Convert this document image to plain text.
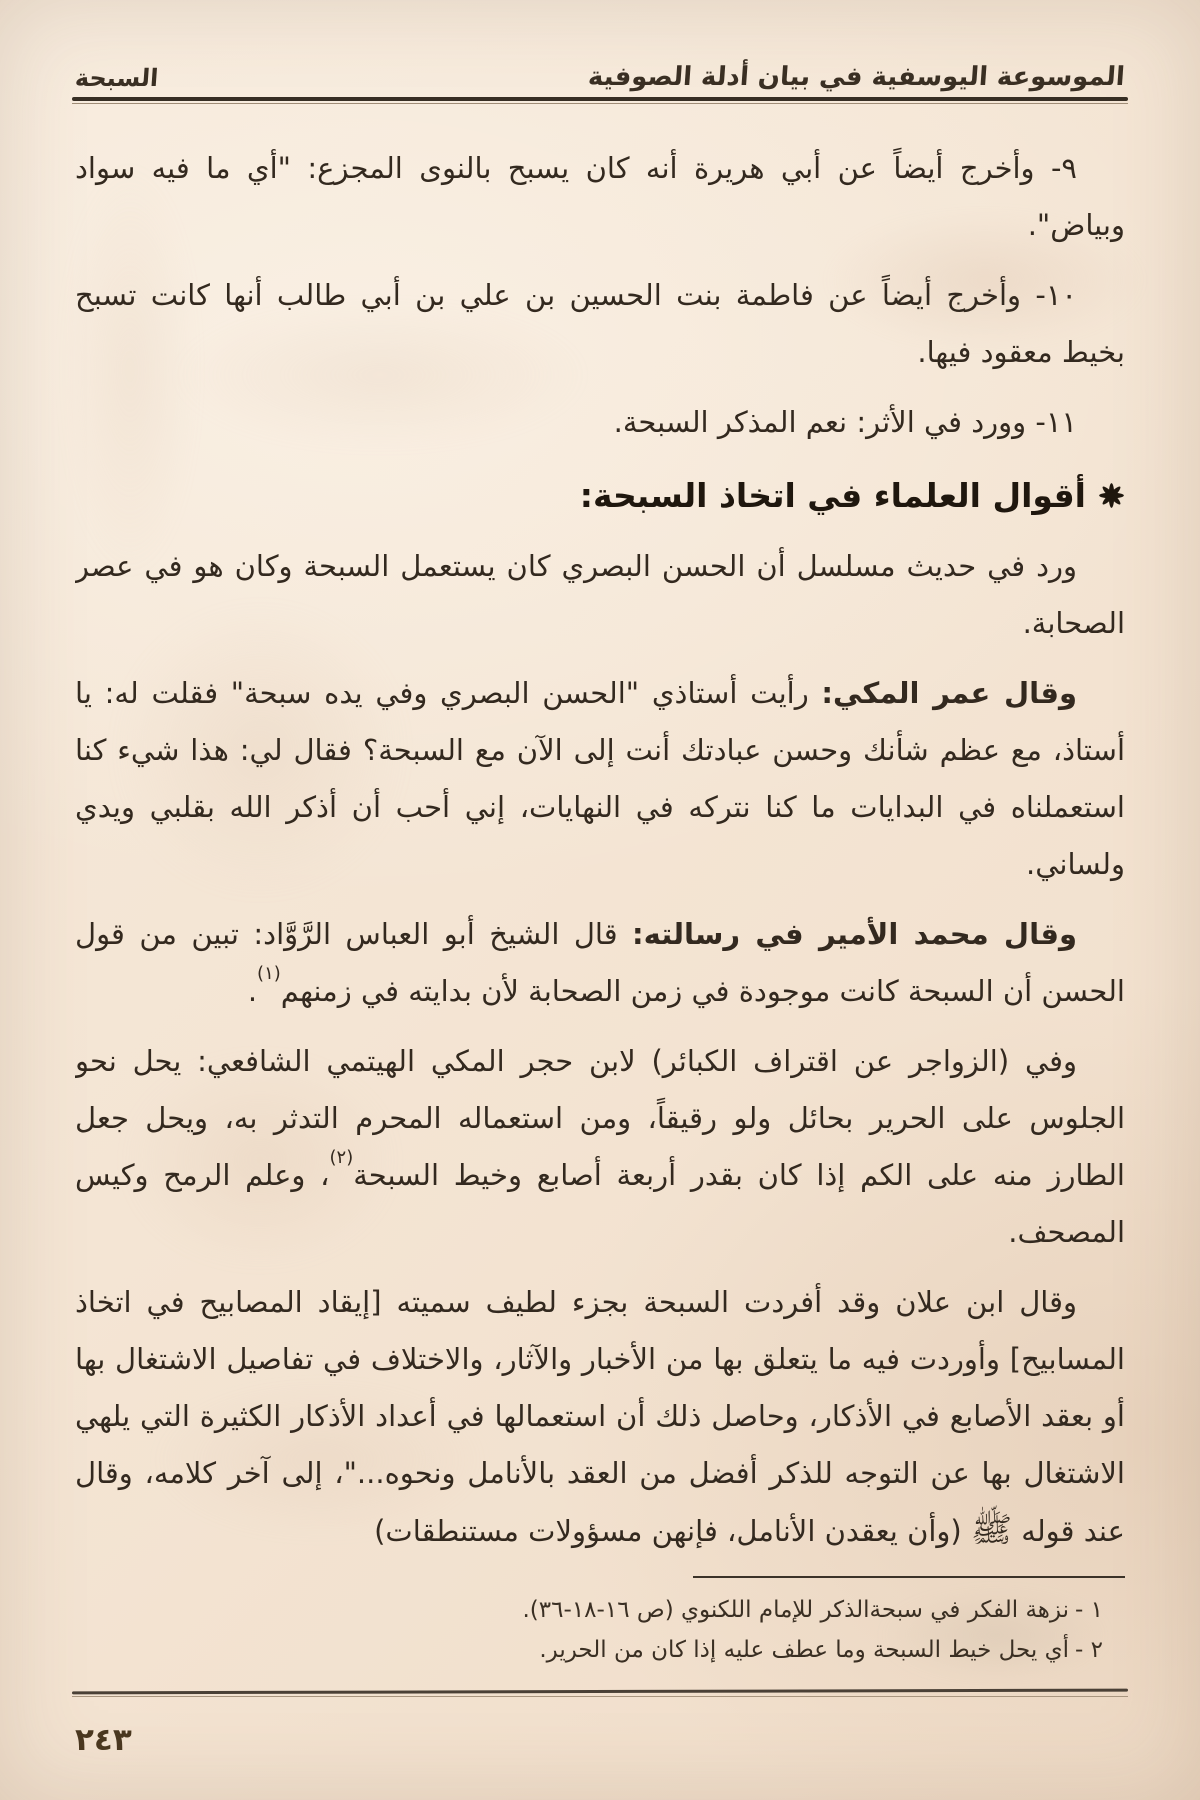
الموسوعة اليوسفية في بيان أدلة الصوفية
السبحة

٩- وأخرج أيضاً عن أبي هريرة أنه كان يسبح بالنوى المجزع: "أي ما فيه سواد وبياض".

١٠- وأخرج أيضاً عن فاطمة بنت الحسين بن علي بن أبي طالب أنها كانت تسبح بخيط معقود فيها.

١١- وورد في الأثر: نعم المذكر السبحة.

أقوال العلماء في اتخاذ السبحة:

ورد في حديث مسلسل أن الحسن البصري كان يستعمل السبحة وكان هو في عصر الصحابة.

وقال عمر المكي: رأيت أستاذي "الحسن البصري وفي يده سبحة" فقلت له: يا أستاذ، مع عظم شأنك وحسن عبادتك أنت إلى الآن مع السبحة؟ فقال لي: هذا شيء كنا استعملناه في البدايات ما كنا نتركه في النهايات، إني أحب أن أذكر الله بقلبي ويدي ولساني.

وقال محمد الأمير في رسالته: قال الشيخ أبو العباس الرَّوَّاد: تبين من قول الحسن أن السبحة كانت موجودة في زمن الصحابة لأن بدايته في زمنهم$^{(١)}$.

وفي (الزواجر عن اقتراف الكبائر) لابن حجر المكي الهيتمي الشافعي: يحل نحو الجلوس على الحرير بحائل ولو رقيقاً، ومن استعماله المحرم التدثر به، ويحل جعل الطارز منه على الكم إذا كان بقدر أربعة أصابع وخيط السبحة$^{(٢)}$، وعلم الرمح وكيس المصحف.

وقال ابن علان وقد أفردت السبحة بجزء لطيف سميته [إيقاد المصابيح في اتخاذ المسابيح] وأوردت فيه ما يتعلق بها من الأخبار والآثار، والاختلاف في تفاصيل الاشتغال بها أو بعقد الأصابع في الأذكار، وحاصل ذلك أن استعمالها في أعداد الأذكار الكثيرة التي يلهي الاشتغال بها عن التوجه للذكر أفضل من العقد بالأنامل ونحوه..."، إلى آخر كلامه، وقال عند قوله ﷺ (وأن يعقدن الأنامل، فإنهن مسؤولات مستنطقات)

١ -نزهة الفكر في سبحةالذكر للإمام اللكنوي (ص ١٦-١٨-٣٦).
٢ -أي يحل خيط السبحة وما عطف عليه إذا كان من الحرير.
٢٤٣
